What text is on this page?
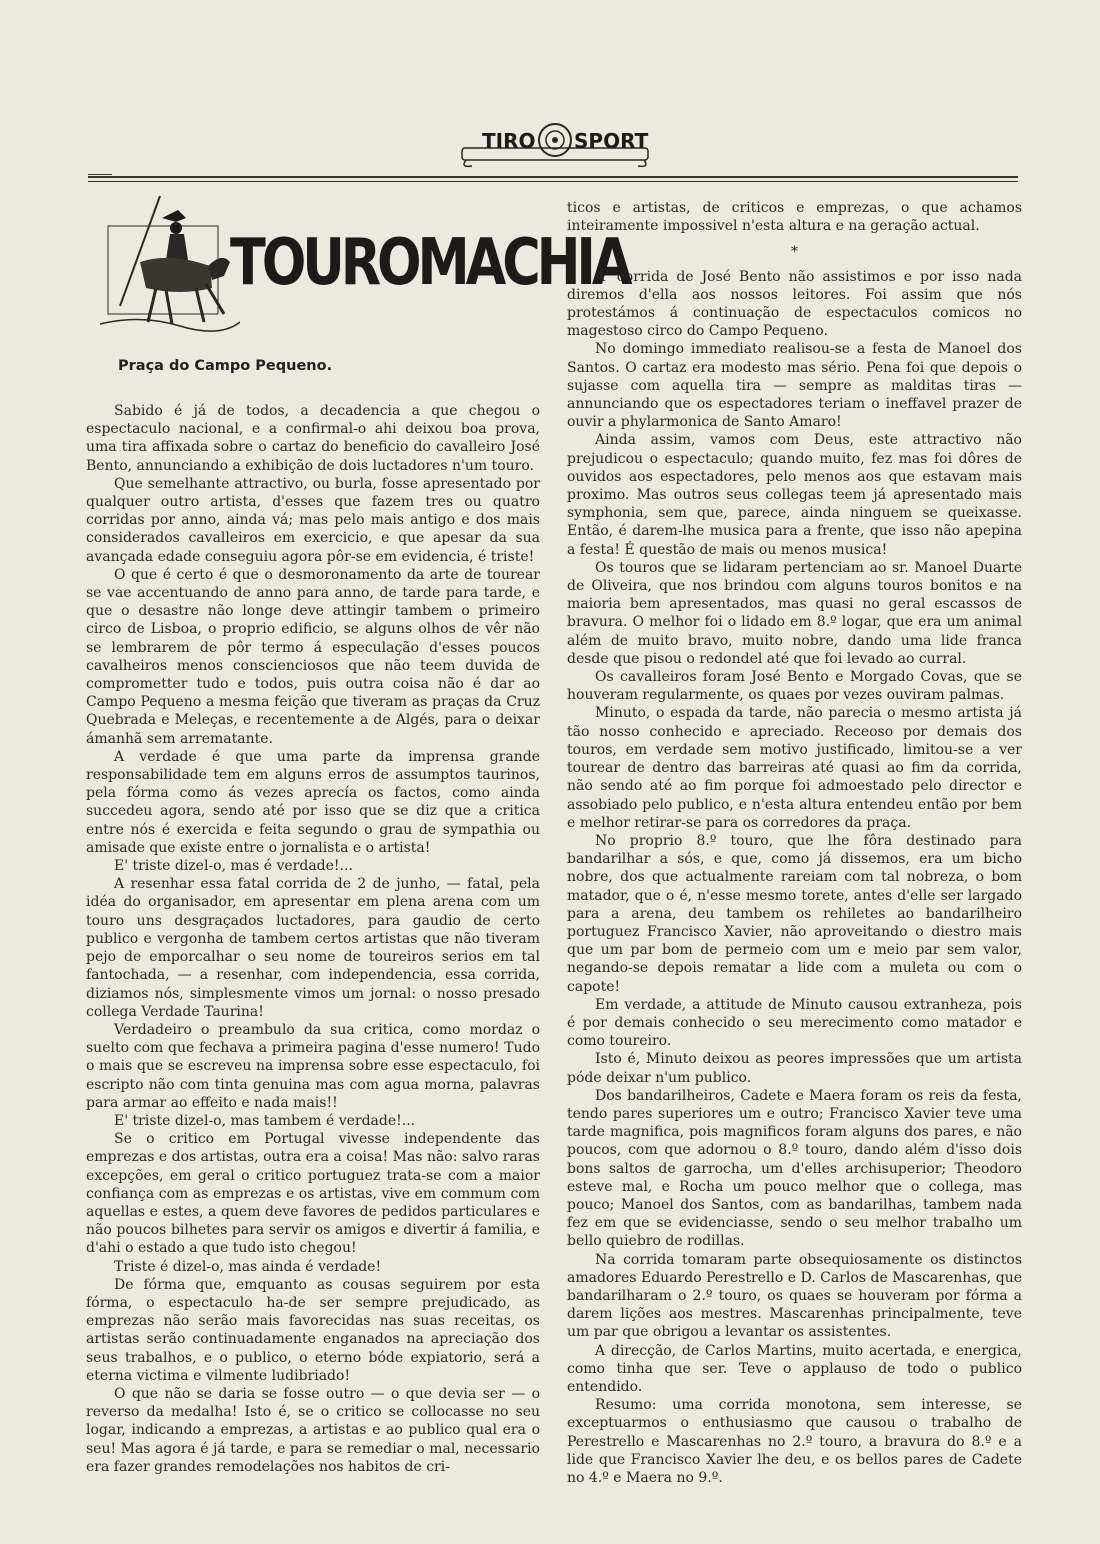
TIRO SPORT
TOUROMACHIA
Praça do Campo Pequeno.

Sabido é já de todos, a decadencia a que chegou o espectaculo nacional, e a confirmal-o ahi deixou boa prova, uma tira affixada sobre o cartaz do beneficio do cavalleiro José Bento, annunciando a exhibição de dois luctadores n'um touro.

Que semelhante attractivo, ou burla, fosse apresentado por qualquer outro artista, d'esses que fazem tres ou quatro corridas por anno, ainda vá; mas pelo mais antigo e dos mais considerados cavalleiros em exercicio, e que apesar da sua avançada edade conseguiu agora pôr-se em evidencia, é triste!

O que é certo é que o desmoronamento da arte de tourear se vae accentuando de anno para anno, de tarde para tarde, e que o desastre não longe deve attingir tambem o primeiro circo de Lisboa, o proprio edificio, se alguns olhos de vêr não se lembrarem de pôr termo á especulação d'esses poucos cavalheiros menos conscienciosos que não teem duvida de comprometter tudo e todos, puis outra coisa não é dar ao Campo Pequeno a mesma feição que tiveram as praças da Cruz Quebrada e Meleças, e recentemente a de Algés, para o deixar ámanhã sem arrematante.

A verdade é que uma parte da imprensa grande responsabilidade tem em alguns erros de assumptos taurinos, pela fórma como ás vezes aprecía os factos, como ainda succedeu agora, sendo até por isso que se diz que a critica entre nós é exercida e feita segundo o grau de sympathia ou amisade que existe entre o jornalista e o artista!

E' triste dizel-o, mas é verdade!...

A resenhar essa fatal corrida de 2 de junho, — fatal, pela idéa do organisador, em apresentar em plena arena com um touro uns desgraçados luctadores, para gaudio de certo publico e vergonha de tambem certos artistas que não tiveram pejo de emporcalhar o seu nome de toureiros serios em tal fantochada, — a resenhar, com independencia, essa corrida, diziamos nós, simplesmente vimos um jornal: o nosso presado collega Verdade Taurina!

Verdadeiro o preambulo da sua critica, como mordaz o suelto com que fechava a primeira pagina d'esse numero! Tudo o mais que se escreveu na imprensa sobre esse espectaculo, foi escripto não com tinta genuina mas com agua morna, palavras para armar ao effeito e nada mais!!

E' triste dizel-o, mas tambem é verdade!...

Se o critico em Portugal vivesse independente das emprezas e dos artistas, outra era a coisa! Mas não: salvo raras excepções, em geral o critico portuguez trata-se com a maior confiança com as emprezas e os artistas, vive em commum com aquellas e estes, a quem deve favores de pedidos particulares e não poucos bilhetes para servir os amigos e divertir á familia, e d'ahi o estado a que tudo isto chegou!

Triste é dizel-o, mas ainda é verdade!

De fórma que, emquanto as cousas seguirem por esta fórma, o espectaculo ha-de ser sempre prejudicado, as emprezas não serão mais favorecidas nas suas receitas, os artistas serão continuadamente enganados na apreciação dos seus trabalhos, e o publico, o eterno bóde expiatorio, será a eterna victima e vilmente ludibriado!

O que não se daria se fosse outro — o que devia ser — o reverso da medalha! Isto é, se o critico se collocasse no seu logar, indicando a emprezas, a artistas e ao publico qual era o seu! Mas agora é já tarde, e para se remediar o mal, necessario era fazer grandes remodelações nos habitos de cri-

ticos e artistas, de criticos e emprezas, o que achamos inteiramente impossivel n'esta altura e na geração actual.

*

A' corrida de José Bento não assistimos e por isso nada diremos d'ella aos nossos leitores. Foi assim que nós protestámos á continuação de espectaculos comicos no magestoso circo do Campo Pequeno.

No domingo immediato realisou-se a festa de Manoel dos Santos. O cartaz era modesto mas sério. Pena foi que depois o sujasse com aquella tira — sempre as malditas tiras — annunciando que os espectadores teriam o ineffavel prazer de ouvir a phylarmonica de Santo Amaro!

Ainda assim, vamos com Deus, este attractivo não prejudicou o espectaculo; quando muito, fez mas foi dôres de ouvidos aos espectadores, pelo menos aos que estavam mais proximo. Mas outros seus collegas teem já apresentado mais symphonia, sem que, parece, ainda ninguem se queixasse. Então, é darem-lhe musica para a frente, que isso não apepina a festa! É questão de mais ou menos musica!

Os touros que se lidaram pertenciam ao sr. Manoel Duarte de Oliveira, que nos brindou com alguns touros bonitos e na maioria bem apresentados, mas quasi no geral escassos de bravura. O melhor foi o lidado em 8.º logar, que era um animal além de muito bravo, muito nobre, dando uma lide franca desde que pisou o redondel até que foi levado ao curral.

Os cavalleiros foram José Bento e Morgado Covas, que se houveram regularmente, os quaes por vezes ouviram palmas.

Minuto, o espada da tarde, não parecia o mesmo artista já tão nosso conhecido e apreciado. Receoso por demais dos touros, em verdade sem motivo justificado, limitou-se a ver tourear de dentro das barreiras até quasi ao fim da corrida, não sendo até ao fim porque foi admoestado pelo director e assobiado pelo publico, e n'esta altura entendeu então por bem e melhor retirar-se para os corredores da praça.

No proprio 8.º touro, que lhe fôra destinado para bandarilhar a sós, e que, como já dissemos, era um bicho nobre, dos que actualmente rareiam com tal nobreza, o bom matador, que o é, n'esse mesmo torete, antes d'elle ser largado para a arena, deu tambem os rehiletes ao bandarilheiro portuguez Francisco Xavier, não aproveitando o diestro mais que um par bom de permeio com um e meio par sem valor, negando-se depois rematar a lide com a muleta ou com o capote!

Em verdade, a attitude de Minuto causou extranheza, pois é por demais conhecido o seu merecimento como matador e como toureiro.

Isto é, Minuto deixou as peores impressões que um artista póde deixar n'um publico.

Dos bandarilheiros, Cadete e Maera foram os reis da festa, tendo pares superiores um e outro; Francisco Xavier teve uma tarde magnifica, pois magnificos foram alguns dos pares, e não poucos, com que adornou o 8.º touro, dando além d'isso dois bons saltos de garrocha, um d'elles archisuperior; Theodoro esteve mal, e Rocha um pouco melhor que o collega, mas pouco; Manoel dos Santos, com as bandarilhas, tambem nada fez em que se evidenciasse, sendo o seu melhor trabalho um bello quiebro de rodillas.

Na corrida tomaram parte obsequiosamente os distinctos amadores Eduardo Perestrello e D. Carlos de Mascarenhas, que bandarilharam o 2.º touro, os quaes se houveram por fórma a darem lições aos mestres. Mascarenhas principalmente, teve um par que obrigou a levantar os assistentes.

A direcção, de Carlos Martins, muito acertada, e energica, como tinha que ser. Teve o applauso de todo o publico entendido.

Resumo: uma corrida monotona, sem interesse, se exceptuarmos o enthusiasmo que causou o trabalho de Perestrello e Mascarenhas no 2.º touro, a bravura do 8.º e a lide que Francisco Xavier lhe deu, e os bellos pares de Cadete no 4.º e Maera no 9.º.
